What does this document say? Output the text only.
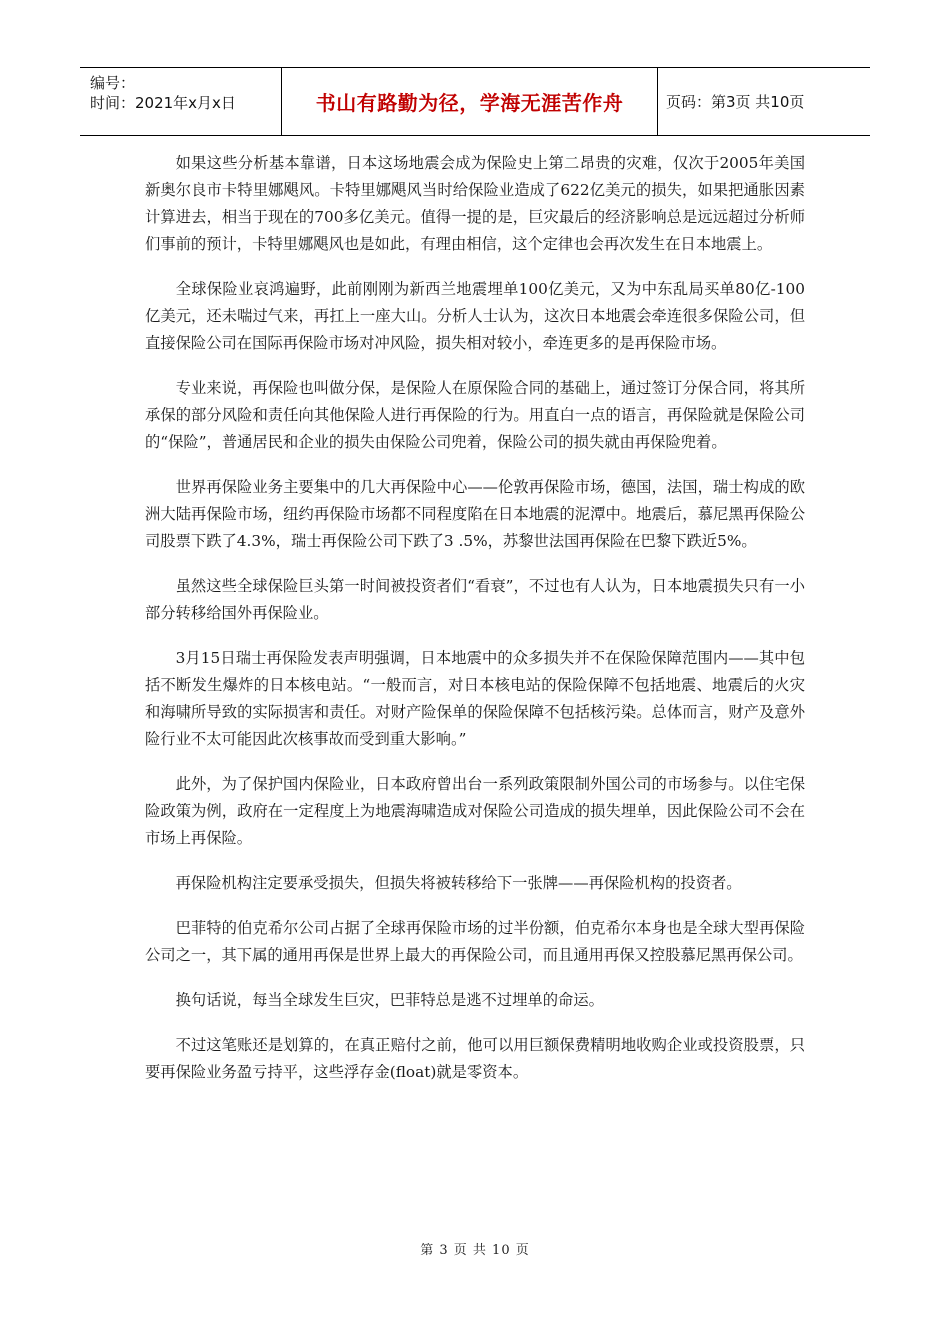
编号：
时间：2021年x月x日	书山有路勤为径，学海无涯苦作舟	页码：第3页 共10页

如果这些分析基本靠谱，日本这场地震会成为保险史上第二昂贵的灾难，仅次于2005年美国新奥尔良市卡特里娜飓风。卡特里娜飓风当时给保险业造成了622亿美元的损失，如果把通胀因素计算进去，相当于现在的700多亿美元。值得一提的是，巨灾最后的经济影响总是远远超过分析师们事前的预计，卡特里娜飓风也是如此，有理由相信，这个定律也会再次发生在日本地震上。

全球保险业哀鸿遍野，此前刚刚为新西兰地震埋单100亿美元，又为中东乱局买单80亿-100亿美元，还未喘过气来，再扛上一座大山。分析人士认为，这次日本地震会牵连很多保险公司，但直接保险公司在国际再保险市场对冲风险，损失相对较小，牵连更多的是再保险市场。

专业来说，再保险也叫做分保，是保险人在原保险合同的基础上，通过签订分保合同，将其所承保的部分风险和责任向其他保险人进行再保险的行为。用直白一点的语言，再保险就是保险公司的“保险”，普通居民和企业的损失由保险公司兜着，保险公司的损失就由再保险兜着。

世界再保险业务主要集中的几大再保险中心——伦敦再保险市场，德国，法国，瑞士构成的欧洲大陆再保险市场，纽约再保险市场都不同程度陷在日本地震的泥潭中。地震后，慕尼黑再保险公司股票下跌了4.3%，瑞士再保险公司下跌了3 .5%，苏黎世法国再保险在巴黎下跌近5%。

虽然这些全球保险巨头第一时间被投资者们“看衰”，不过也有人认为，日本地震损失只有一小部分转移给国外再保险业。

3月15日瑞士再保险发表声明强调，日本地震中的众多损失并不在保险保障范围内——其中包括不断发生爆炸的日本核电站。“一般而言，对日本核电站的保险保障不包括地震、地震后的火灾和海啸所导致的实际损害和责任。对财产险保单的保险保障不包括核污染。总体而言，财产及意外险行业不太可能因此次核事故而受到重大影响。”

此外，为了保护国内保险业，日本政府曾出台一系列政策限制外国公司的市场参与。以住宅保险政策为例，政府在一定程度上为地震海啸造成对保险公司造成的损失埋单，因此保险公司不会在市场上再保险。

再保险机构注定要承受损失，但损失将被转移给下一张牌——再保险机构的投资者。

巴菲特的伯克希尔公司占据了全球再保险市场的过半份额，伯克希尔本身也是全球大型再保险公司之一，其下属的通用再保是世界上最大的再保险公司，而且通用再保又控股慕尼黑再保公司。

换句话说，每当全球发生巨灾，巴菲特总是逃不过埋单的命运。

不过这笔账还是划算的，在真正赔付之前，他可以用巨额保费精明地收购企业或投资股票，只要再保险业务盈亏持平，这些浮存金(float)就是零资本。

第 3 页 共 10 页
